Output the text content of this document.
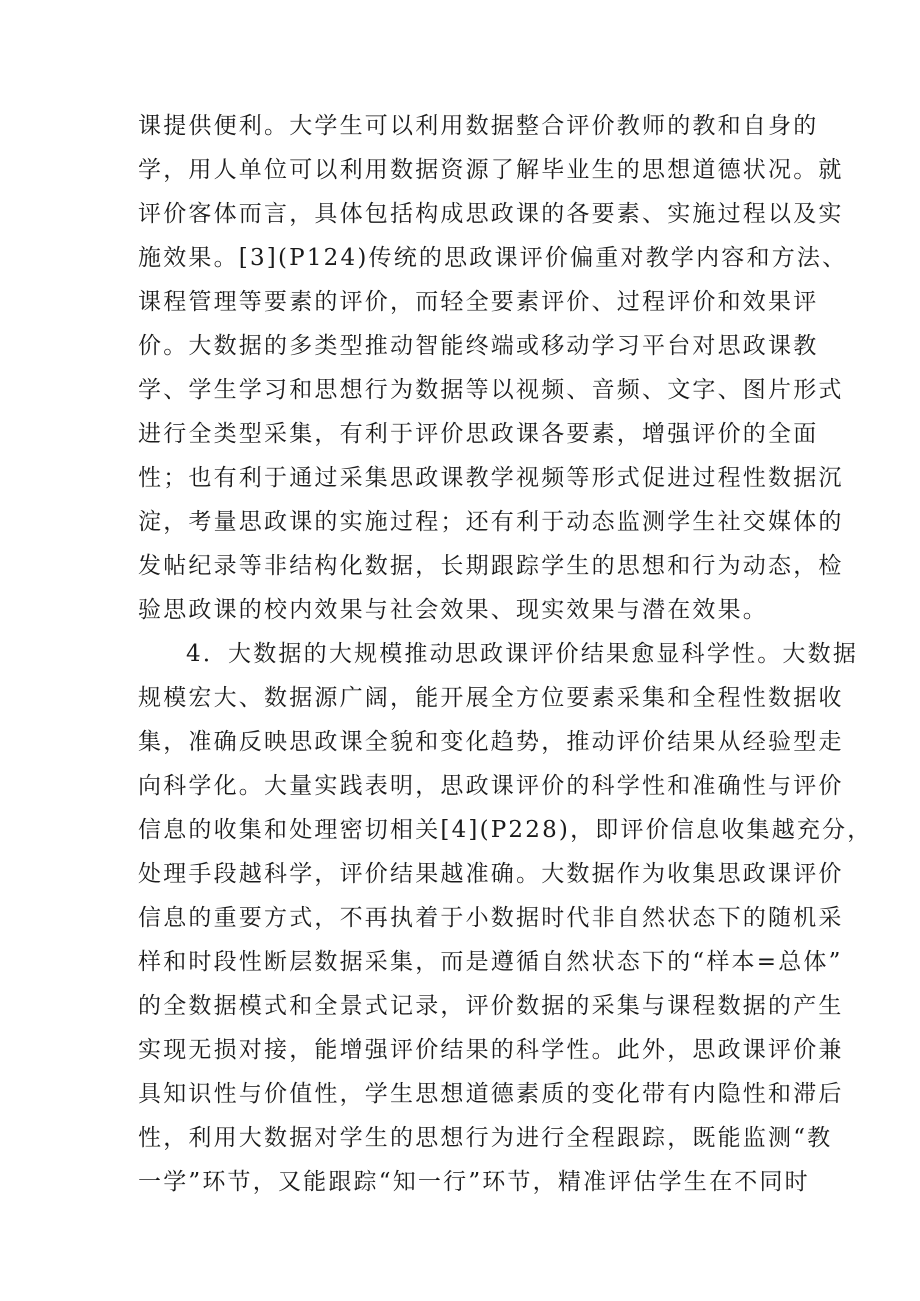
课提供便利。大学生可以利用数据整合评价教师的教和自身的
学，用人单位可以利用数据资源了解毕业生的思想道德状况。就
评价客体而言，具体包括构成思政课的各要素、实施过程以及实
施效果。[3](P124)传统的思政课评价偏重对教学内容和方法、
课程管理等要素的评价，而轻全要素评价、过程评价和效果评
价。大数据的多类型推动智能终端或移动学习平台对思政课教
学、学生学习和思想行为数据等以视频、音频、文字、图片形式
进行全类型采集，有利于评价思政课各要素，增强评价的全面
性；也有利于通过采集思政课教学视频等形式促进过程性数据沉
淀，考量思政课的实施过程；还有利于动态监测学生社交媒体的
发帖纪录等非结构化数据，长期跟踪学生的思想和行为动态，检
验思政课的校内效果与社会效果、现实效果与潜在效果。
4．大数据的大规模推动思政课评价结果愈显科学性。大数据
规模宏大、数据源广阔，能开展全方位要素采集和全程性数据收
集，准确反映思政课全貌和变化趋势，推动评价结果从经验型走
向科学化。大量实践表明，思政课评价的科学性和准确性与评价
信息的收集和处理密切相关[4](P228)，即评价信息收集越充分，
处理手段越科学，评价结果越准确。大数据作为收集思政课评价
信息的重要方式，不再执着于小数据时代非自然状态下的随机采
样和时段性断层数据采集，而是遵循自然状态下的“样本=总体”
的全数据模式和全景式记录，评价数据的采集与课程数据的产生
实现无损对接，能增强评价结果的科学性。此外，思政课评价兼
具知识性与价值性，学生思想道德素质的变化带有内隐性和滞后
性，利用大数据对学生的思想行为进行全程跟踪，既能监测“教
一学”环节，又能跟踪“知一行”环节，精准评估学生在不同时
